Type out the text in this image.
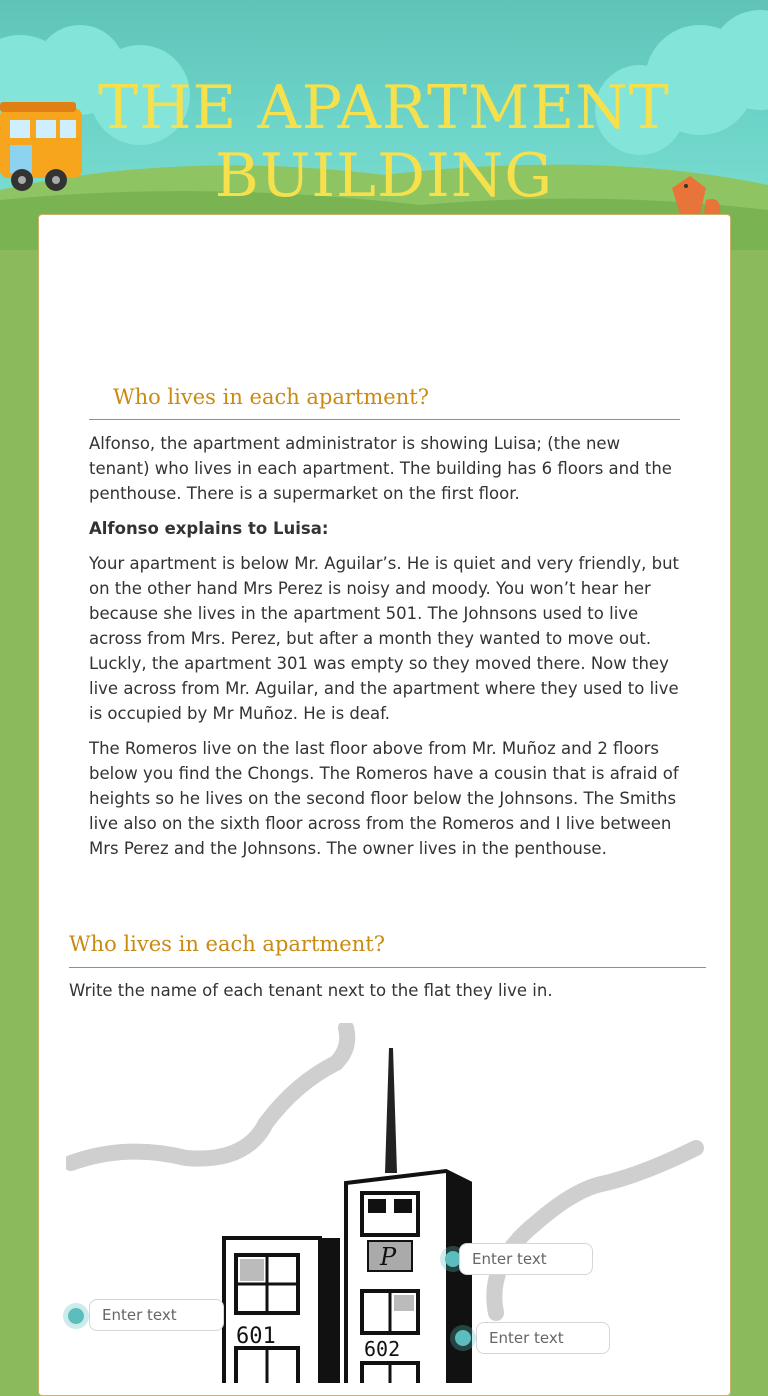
THE APARTMENT
BUILDING
Who lives in each apartment?
Alfonso, the apartment administrator is showing Luisa; (the new tenant) who lives in each apartment. The building has 6 floors and the penthouse. There is a supermarket on the first floor.
Alfonso explains to Luisa:
Your apartment is below Mr. Aguilar’s. He is quiet and very friendly, but on the other hand Mrs Perez is noisy and moody. You won’t hear her because she lives in the apartment 501. The Johnsons used to live across from Mrs. Perez, but after a month they wanted to move out. Luckly, the apartment 301 was empty so they moved there. Now they live across from Mr. Aguilar, and the apartment where they used to live is occupied by Mr Muñoz. He is deaf.
The Romeros live on the last floor above from Mr. Muñoz and 2 floors below you find the Chongs. The Romeros have a cousin that is afraid of heights so he lives on the second floor below the Johnsons. The Smiths live also on the sixth floor across from the Romeros and I live between Mrs Perez and the Johnsons. The owner lives in the penthouse.
Who lives in each apartment?
Write the name of each tenant next to the flat they live in.
601
P
602
Enter text
Enter text
Enter text
